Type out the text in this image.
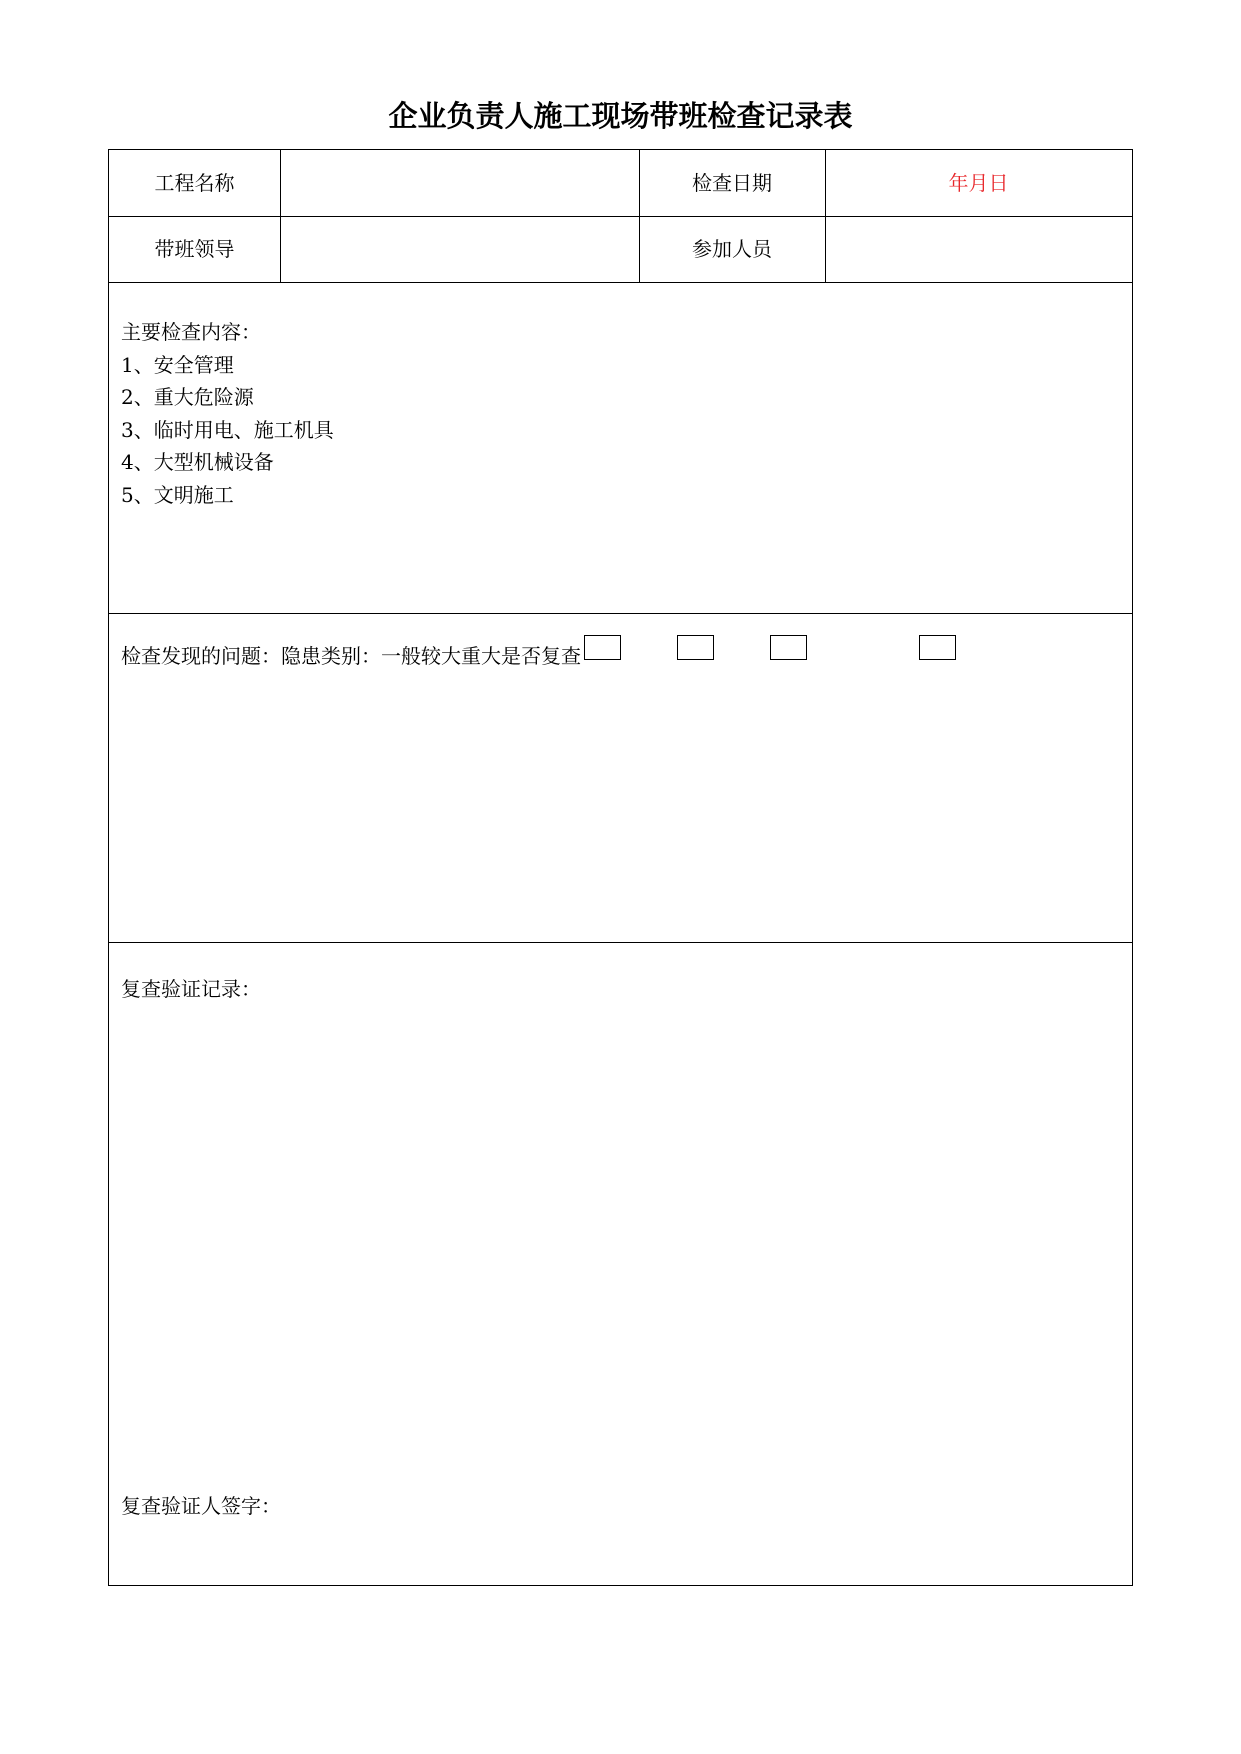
企业负责人施工现场带班检查记录表
工程名称	检查日期	年月日
带班领导	参加人员
主要检查内容：
1、安全管理
2、重大危险源
3、临时用电、施工机具
4、大型机械设备
5、文明施工
检查发现的问题：隐患类别：一般较大重大是否复查
复查验证记录：
复查验证人签字：
